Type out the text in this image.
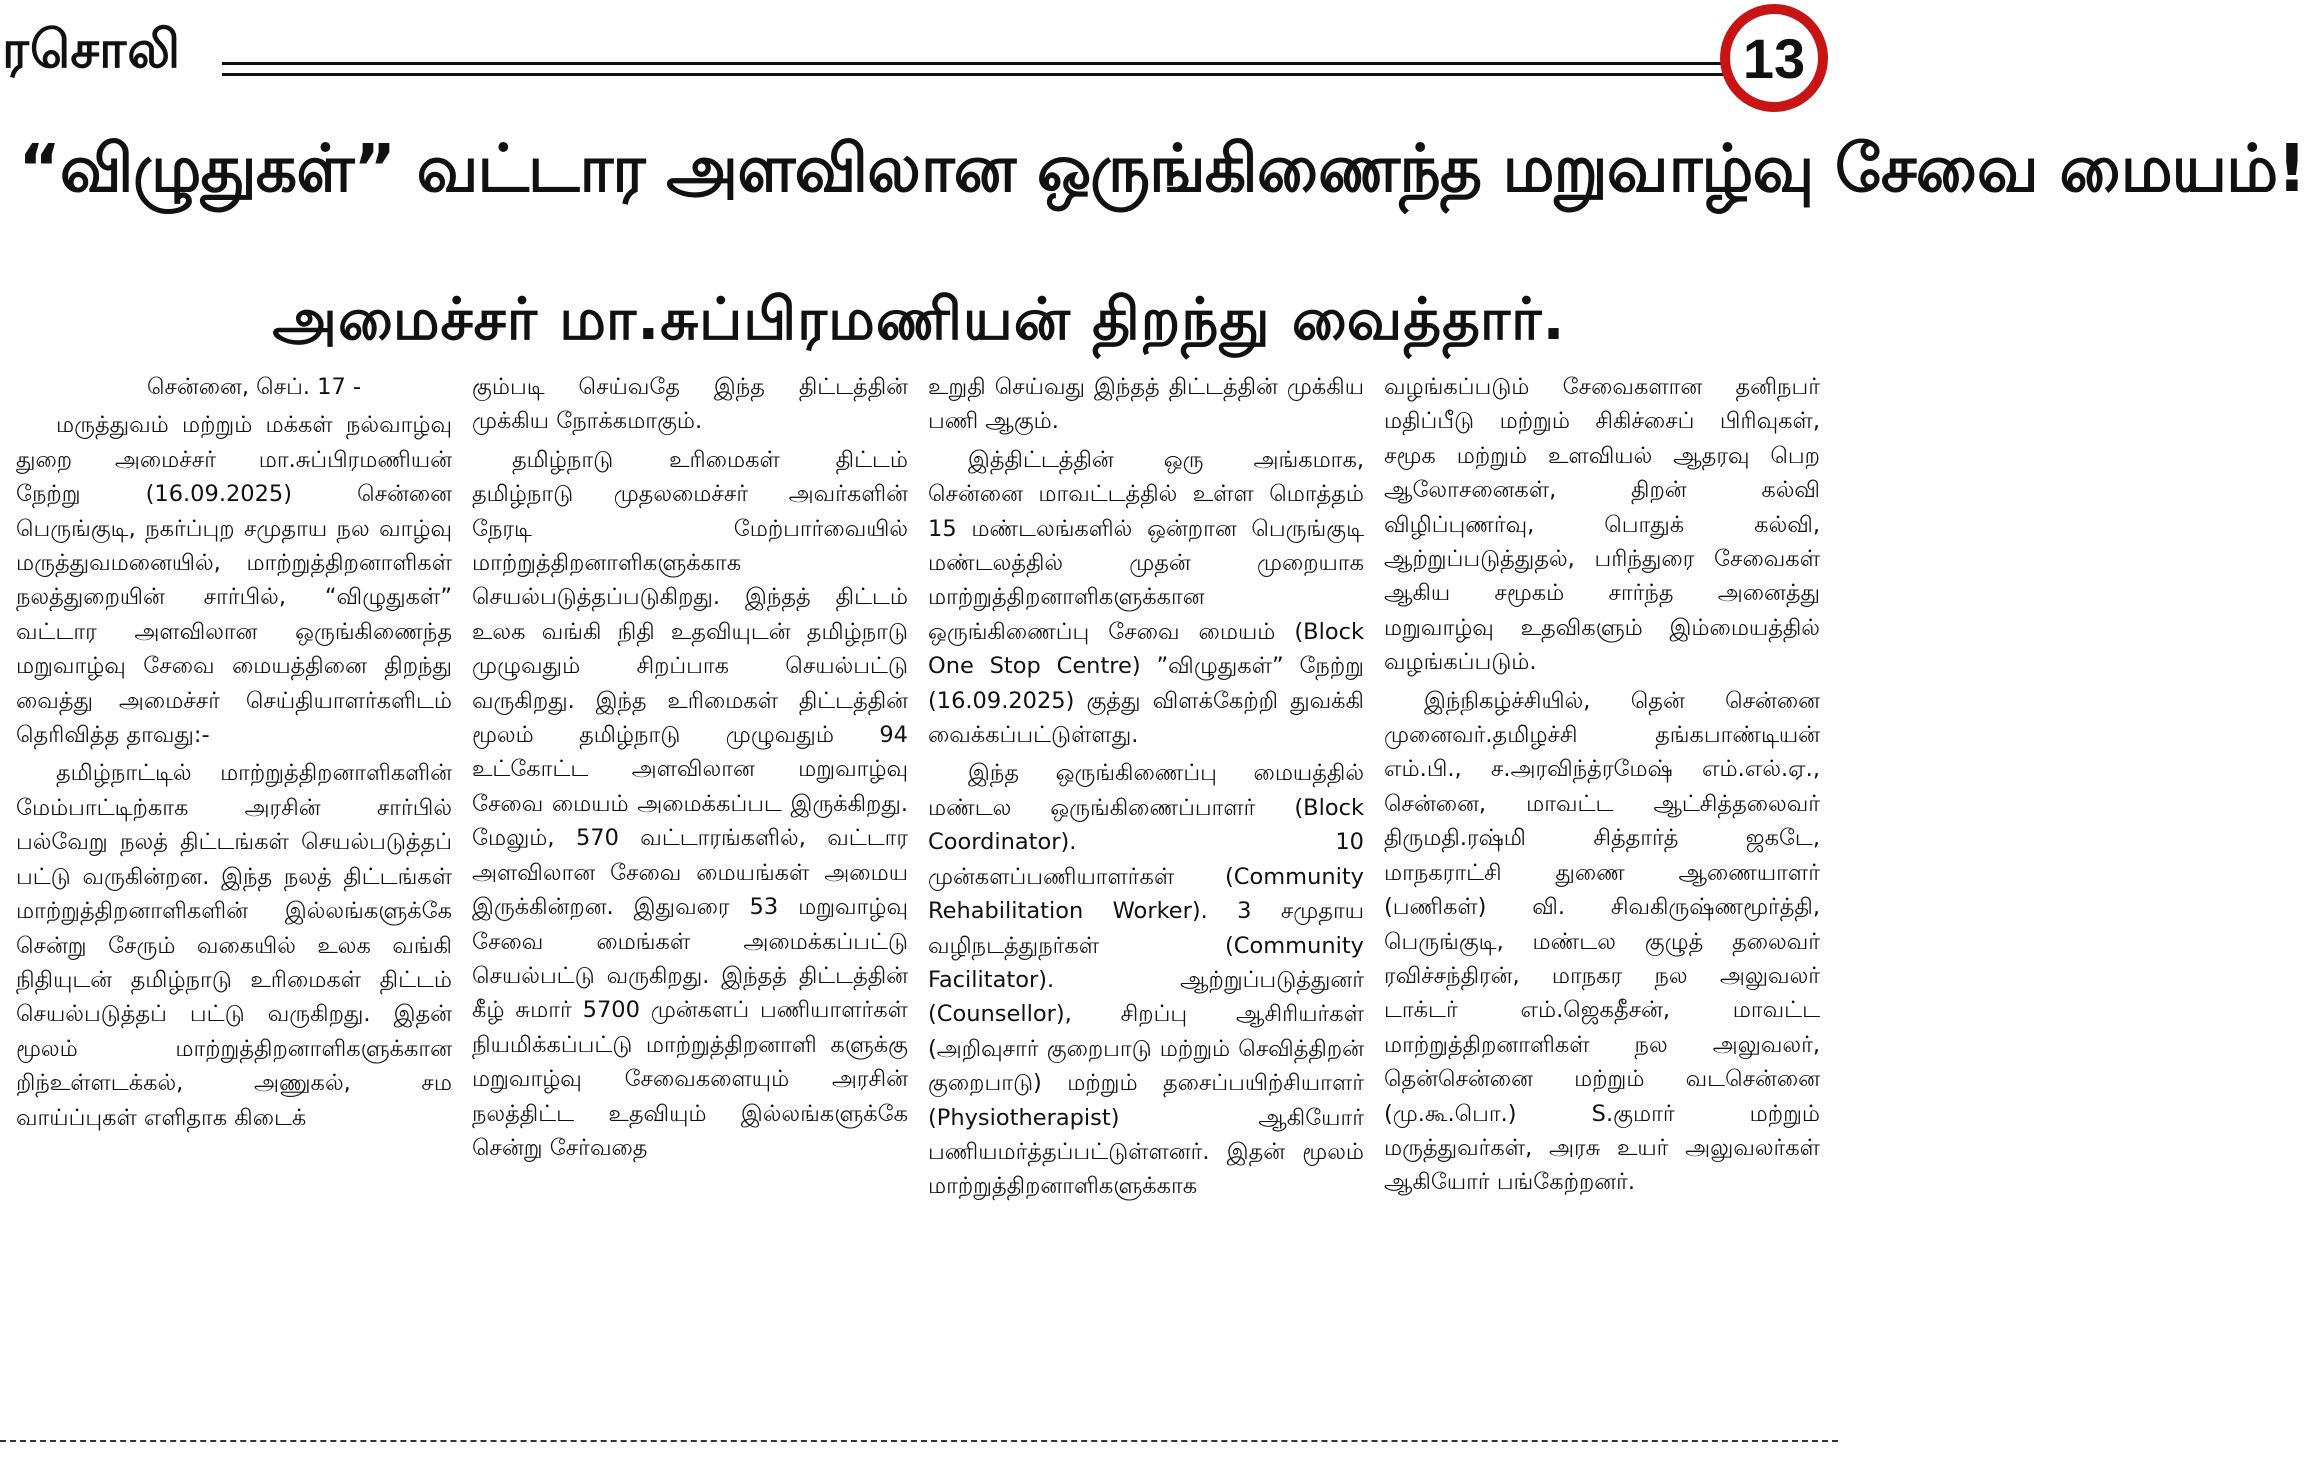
ரசொலி	13
“விழுதுகள்” வட்டார அளவிலான ஒருங்கிணைந்த மறுவாழ்வு சேவை மையம்!
அமைச்சர் மா.சுப்பிரமணியன் திறந்து வைத்தார்.

சென்னை, செப். 17 -

மருத்துவம் மற்றும் மக்கள் நல்வாழ்வு துறை அமைச்சர் மா.சுப்பிரமணியன் நேற்று (16.09.2025) சென்னை பெருங்குடி, நகர்ப்புற சமுதாய நல வாழ்வு மருத்துவமனையில், மாற்றுத்திறனாளிகள் நலத்துறையின் சார்பில், “விழுதுகள்” வட்டார அளவிலான ஒருங்கிணைந்த மறுவாழ்வு சேவை மையத்தினை திறந்து வைத்து அமைச்சர் செய்தியாளர்களிடம் தெரிவித்த தாவது:-

தமிழ்நாட்டில் மாற்றுத்திறனாளிகளின் மேம்பாட்டிற்காக அரசின் சார்பில் பல்வேறு நலத் திட்டங்கள் செயல்படுத்தப் பட்டு வருகின்றன. இந்த நலத் திட்டங்கள் மாற்றுத்திறனாளிகளின் இல்லங்களுக்கே சென்று சேரும் வகையில் உலக வங்கி நிதியுடன் தமிழ்நாடு உரிமைகள் திட்டம் செயல்படுத்தப் பட்டு வருகிறது. இதன் மூலம் மாற்றுத்திறனாளிகளுக்கான றிந்உள்ளடக்கல், அணுகல், சம வாய்ப்புகள் எளிதாக கிடைக்

கும்படி செய்வதே இந்த திட்டத்தின் முக்கிய நோக்கமாகும்.

தமிழ்நாடு உரிமைகள் திட்டம் தமிழ்நாடு முதலமைச்சர் அவர்களின் நேரடி மேற்பார்வையில் மாற்றுத்திறனாளிகளுக்காக செயல்படுத்தப்படுகிறது. இந்தத் திட்டம் உலக வங்கி நிதி உதவியுடன் தமிழ்நாடு முழுவதும் சிறப்பாக செயல்பட்டு வருகிறது. இந்த உரிமைகள் திட்டத்தின் மூலம் தமிழ்நாடு முழுவதும் 94 உட்கோட்ட அளவிலான மறுவாழ்வு சேவை மையம் அமைக்கப்பட இருக்கிறது. மேலும், 570 வட்டாரங்களில், வட்டார அளவிலான சேவை மையங்கள் அமைய இருக்கின்றன. இதுவரை 53 மறுவாழ்வு சேவை மைங்கள் அமைக்கப்பட்டு செயல்பட்டு வருகிறது. இந்தத் திட்டத்தின் கீழ் சுமார் 5700 முன்களப் பணியாளர்கள் நியமிக்கப்பட்டு மாற்றுத்திறனாளி களுக்கு மறுவாழ்வு சேவைகளையும் அரசின் நலத்திட்ட உதவியும் இல்லங்களுக்கே சென்று சேர்வதை

உறுதி செய்வது இந்தத் திட்டத்தின் முக்கிய பணி ஆகும்.

இத்திட்டத்தின் ஒரு அங்கமாக, சென்னை மாவட்டத்தில் உள்ள மொத்தம் 15 மண்டலங்களில் ஒன்றான பெருங்குடி மண்டலத்தில் முதன் முறையாக மாற்றுத்திறனாளிகளுக்கான ஒருங்கிணைப்பு சேவை மையம் (Block One Stop Centre) ”விழுதுகள்” நேற்று (16.09.2025) குத்து விளக்கேற்றி துவக்கி வைக்கப்பட்டுள்ளது.

இந்த ஒருங்கிணைப்பு மையத்தில் மண்டல ஒருங்கிணைப்பாளர் (Block Coordinator). 10 முன்களப்பணியாளர்கள் (Community Rehabilitation Worker). 3 சமுதாய வழிநடத்துநர்கள் (Community Facilitator). ஆற்றுப்படுத்துனர் (Counsellor), சிறப்பு ஆசிரியர்கள் (அறிவுசார் குறைபாடு மற்றும் செவித்திறன் குறைபாடு) மற்றும் தசைப்பயிற்சியாளர் (Physiotherapist) ஆகியோர் பணியமர்த்தப்பட்டுள்ளனர். இதன் மூலம் மாற்றுத்திறனாளிகளுக்காக

வழங்கப்படும் சேவைகளான தனிநபர் மதிப்பீடு மற்றும் சிகிச்சைப் பிரிவுகள், சமூக மற்றும் உளவியல் ஆதரவு பெற ஆலோசனைகள், திறன் கல்வி விழிப்புணர்வு, பொதுக் கல்வி, ஆற்றுப்படுத்துதல், பரிந்துரை சேவைகள் ஆகிய சமூகம் சார்ந்த அனைத்து மறுவாழ்வு உதவிகளும் இம்மையத்தில் வழங்கப்படும்.

இந்நிகழ்ச்சியில், தென் சென்னை முனைவர்.தமிழச்சி தங்கபாண்டியன் எம்.பி., ச.அரவிந்த்ரமேஷ் எம்.எல்.ஏ., சென்னை, மாவட்ட ஆட்சித்தலைவர் திருமதி.ரஷ்மி சித்தார்த் ஜகடே, மாநகராட்சி துணை ஆணையாளர் (பணிகள்) வி. சிவகிருஷ்ணமூர்த்தி, பெருங்குடி, மண்டல குழுத் தலைவர் ரவிச்சந்திரன், மாநகர நல அலுவலர் டாக்டர் எம்.ஜெகதீசன், மாவட்ட மாற்றுத்திறனாளிகள் நல அலுவலர், தென்சென்னை மற்றும் வடசென்னை (மு.கூ.பொ.) S.குமார் மற்றும் மருத்துவர்கள், அரசு உயர் அலுவலர்கள் ஆகியோர் பங்கேற்றனர்.
